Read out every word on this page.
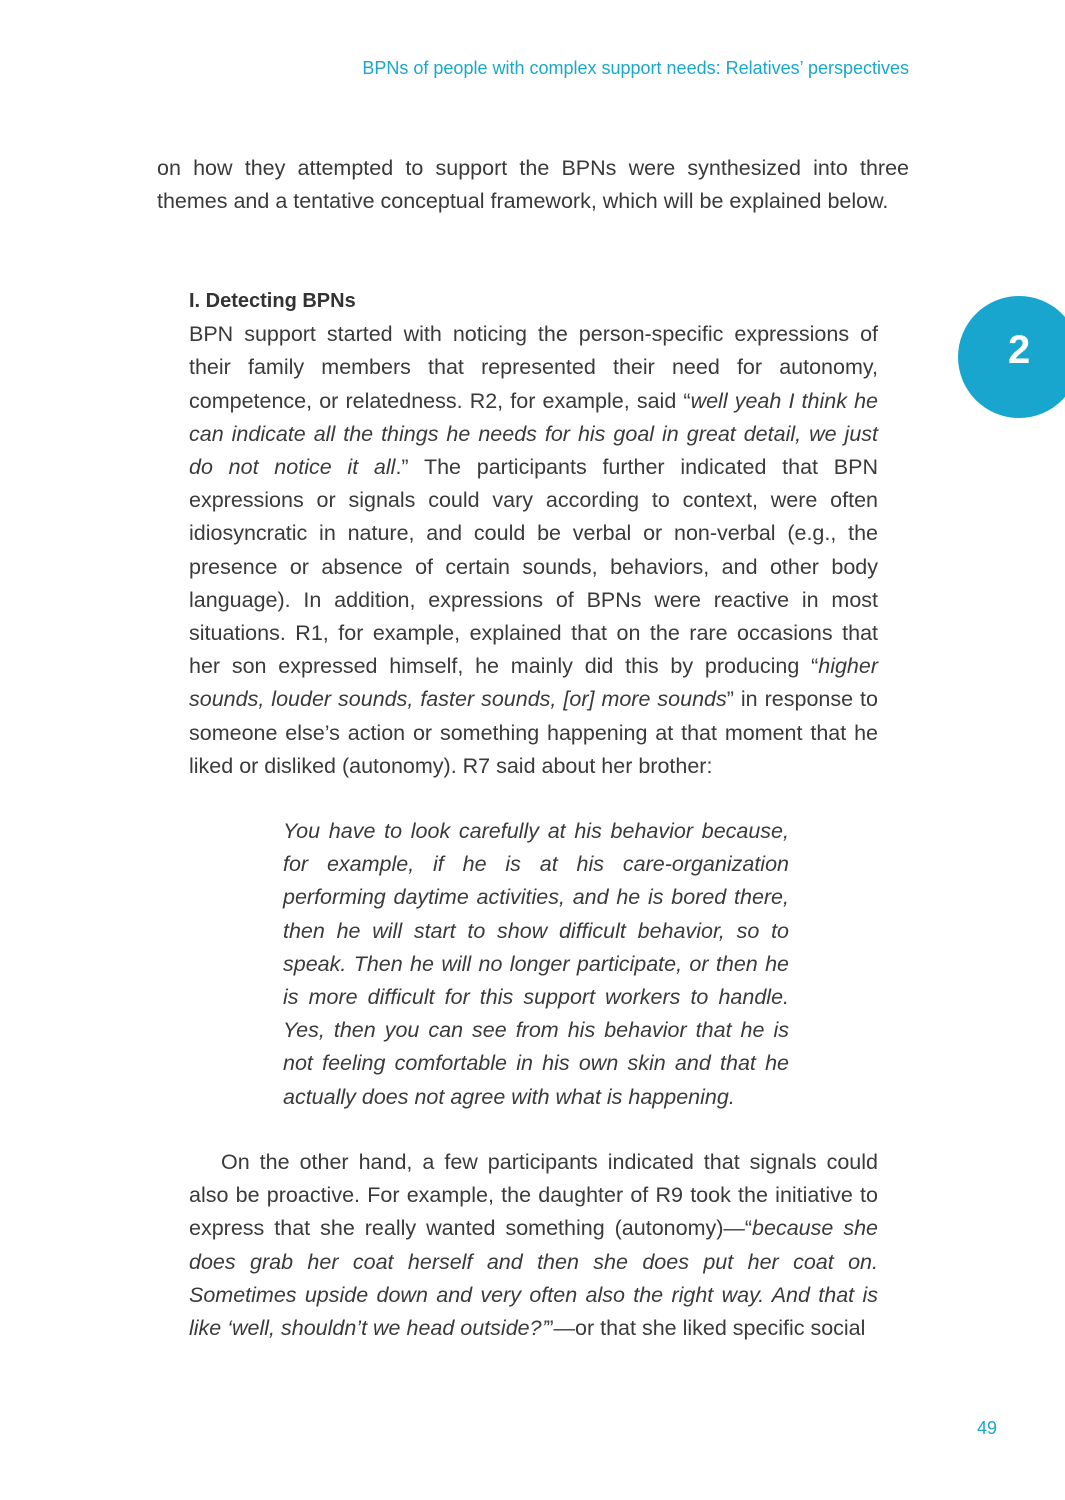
BPNs of people with complex support needs: Relatives’ perspectives
2

on how they attempted to support the BPNs were synthesized into three themes and a tentative conceptual framework, which will be explained below.

I. Detecting BPNs

BPN support started with noticing the person-specific expressions of their family members that represented their need for autonomy, competence, or relatedness. R2, for example, said “well yeah I think he can indicate all the things he needs for his goal in great detail, we just do not notice it all.” The participants further indicated that BPN expressions or signals could vary according to context, were often idiosyncratic in nature, and could be verbal or non-verbal (e.g., the presence or absence of certain sounds, behaviors, and other body language). In addition, expressions of BPNs were reactive in most situations. R1, for example, explained that on the rare occasions that her son expressed himself, he mainly did this by producing “higher sounds, louder sounds, faster sounds, [or] more sounds” in response to someone else’s action or something happening at that moment that he liked or disliked (autonomy). R7 said about her brother:

You have to look carefully at his behavior because, for example, if he is at his care-organization performing daytime activities, and he is bored there, then he will start to show difficult behavior, so to speak. Then he will no longer participate, or then he is more difficult for this support workers to handle. Yes, then you can see from his behavior that he is not feeling comfortable in his own skin and that he actually does not agree with what is happening.

On the other hand, a few participants indicated that signals could also be proactive. For example, the daughter of R9 took the initiative to express that she really wanted something (autonomy)—“because she does grab her coat herself and then she does put her coat on. Sometimes upside down and very often also the right way. And that is like ‘well, shouldn’t we head outside?’”—or that she liked specific social

49
